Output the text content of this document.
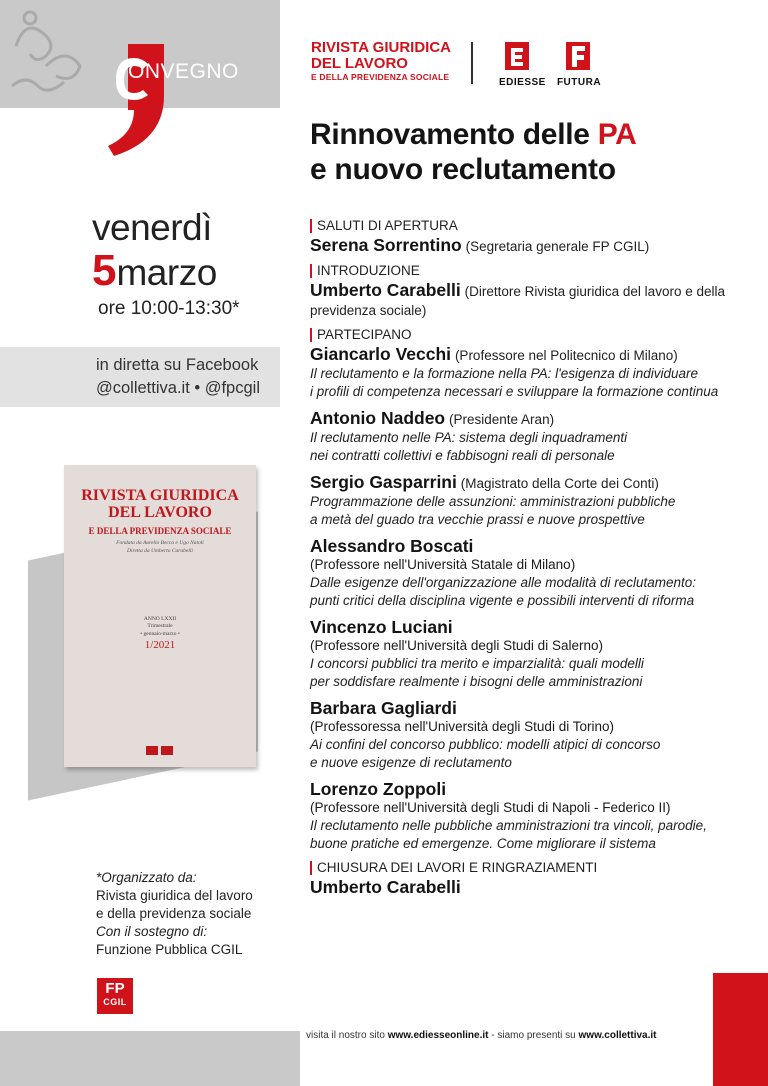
ONVEGNO
RIVISTA GIURIDICA
DEL LAVORO
E DELLA PREVIDENZA SOCIALE
EDIESSE	FUTURA
Rinnovamento delle PA
e nuovo reclutamento
venerdì
5marzo
ore 10:00-13:30*
in diretta su Facebook
@collettiva.it • @fpcgil
RIVISTA GIURIDICA
DEL LAVORO
E DELLA PREVIDENZA SOCIALE
Fondata da Aurelio Becca e Ugo Natoli
Diretta da Umberto Carabelli
ANNO LXXII
Trimestrale
• gennaio-marzo •
1/2021
*Organizzato da:
Rivista giuridica del lavoro
e della previdenza sociale
Con il sostegno di:
Funzione Pubblica CGIL
FP
CGIL
SALUTI DI APERTURA

Serena Sorrentino (Segretaria generale FP CGIL)

INTRODUZIONE

Umberto Carabelli (Direttore Rivista giuridica del lavoro e della previdenza sociale)

PARTECIPANO

Giancarlo Vecchi (Professore nel Politecnico di Milano)

Il reclutamento e la formazione nella PA: l'esigenza di individuare
i profili di competenza necessari e sviluppare la formazione continua

Antonio Naddeo (Presidente Aran)

Il reclutamento nelle PA: sistema degli inquadramenti
nei contratti collettivi e fabbisogni reali di personale

Sergio Gasparrini (Magistrato della Corte dei Conti)

Programmazione delle assunzioni: amministrazioni pubbliche
a metà del guado tra vecchie prassi e nuove prospettive

Alessandro Boscati

(Professore nell'Università Statale di Milano)
Dalle esigenze dell'organizzazione alle modalità di reclutamento:
punti critici della disciplina vigente e possibili interventi di riforma

Vincenzo Luciani

(Professore nell'Università degli Studi di Salerno)
I concorsi pubblici tra merito e imparzialità: quali modelli
per soddisfare realmente i bisogni delle amministrazioni

Barbara Gagliardi

(Professoressa nell'Università degli Studi di Torino)
Ai confini del concorso pubblico: modelli atipici di concorso
e nuove esigenze di reclutamento

Lorenzo Zoppoli

(Professore nell'Università degli Studi di Napoli - Federico II)
Il reclutamento nelle pubbliche amministrazioni tra vincoli, parodie,
buone pratiche ed emergenze. Come migliorare il sistema
CHIUSURA DEI LAVORI E RINGRAZIAMENTI

Umberto Carabelli

visita il nostro sito www.ediesseonline.it - siamo presenti su www.collettiva.it
